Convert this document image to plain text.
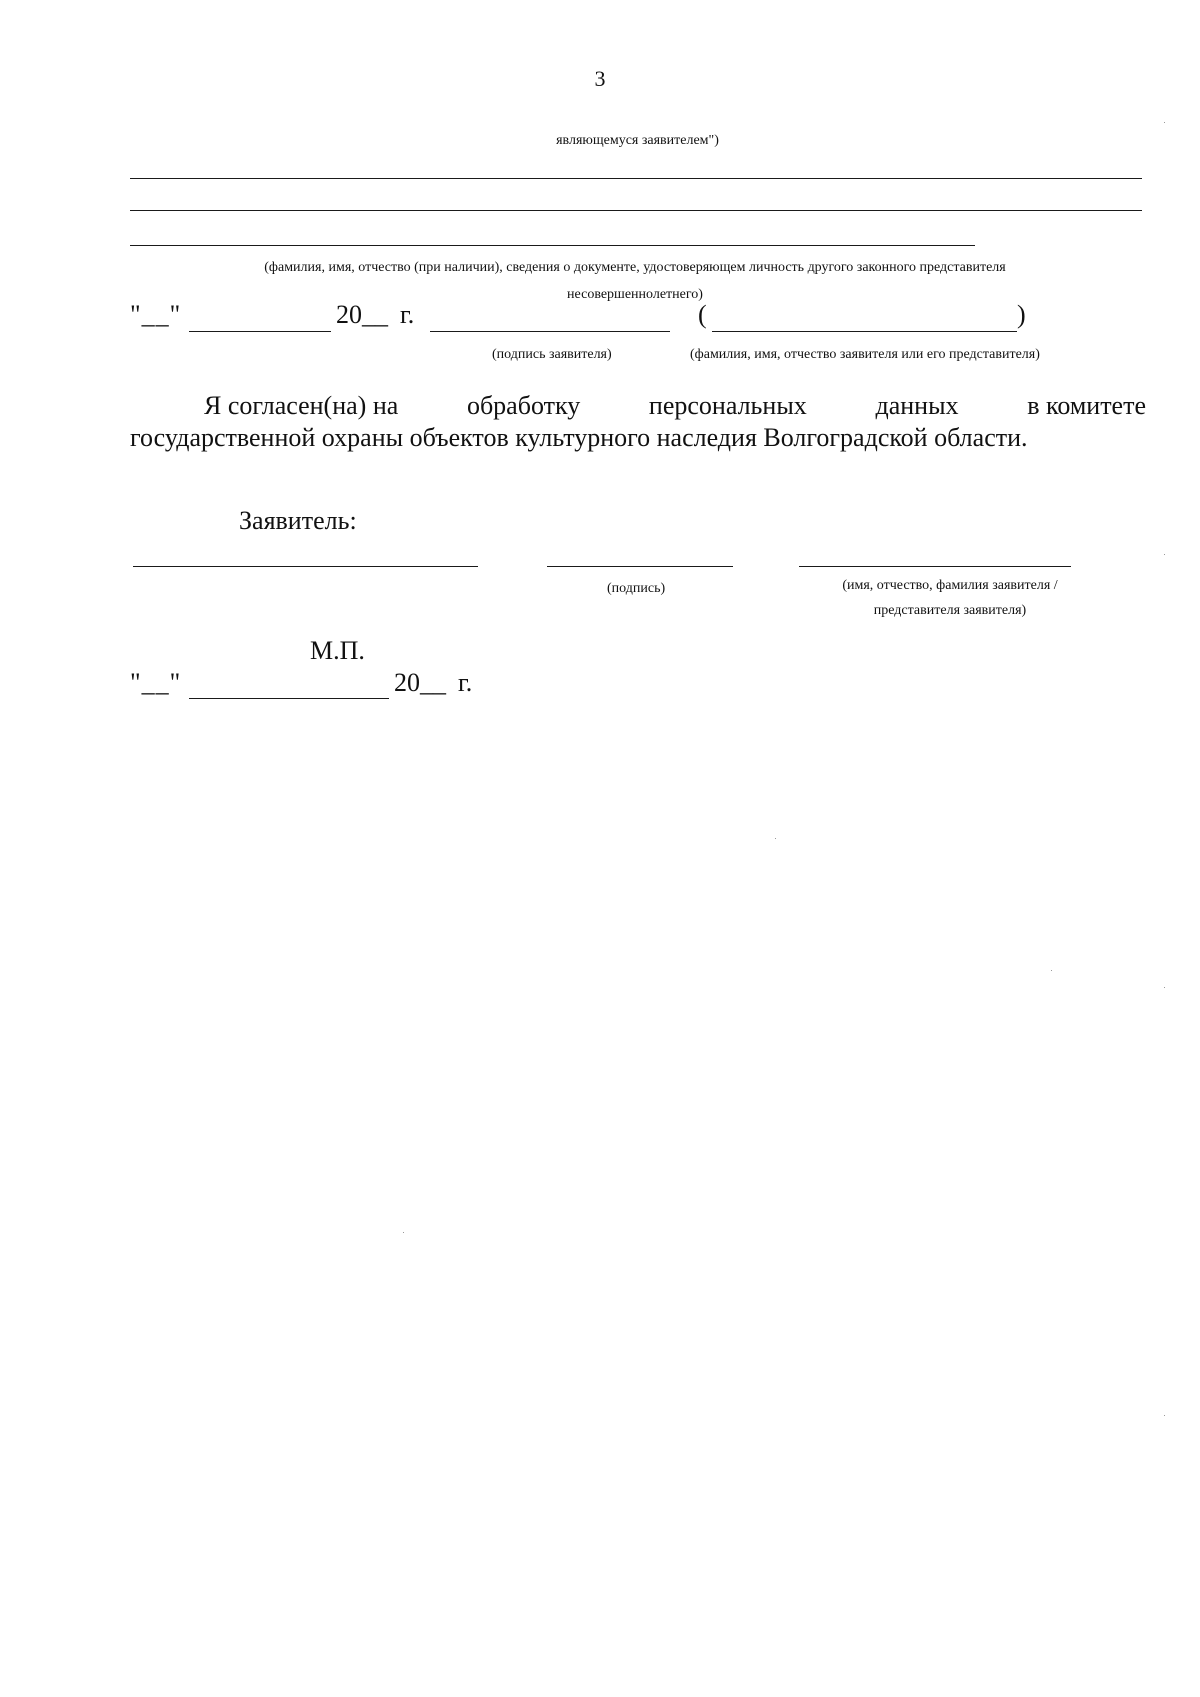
3
являющемуся заявителем")
(фамилия, имя, отчество (при наличии), сведения о документе, удостоверяющем личность другого законного представителя
несовершеннолетнего)
"__"	20__ г.	(	)
(подпись заявителя)	(фамилия, имя, отчество заявителя или его представителя)
Я согласен(на) на	обработку	персональных	данных	в комитете
государственной охраны объектов культурного наследия Волгоградской области.
Заявитель:
(подпись)	(имя, отчество, фамилия заявителя /
представителя заявителя)
М.П.
"__"	20__ г.
